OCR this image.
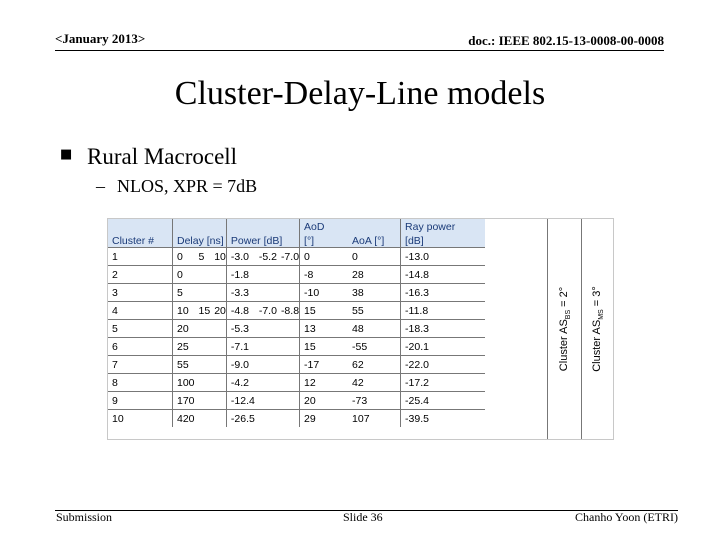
<January 2013>	doc.: IEEE 802.15-13-0008-00-0008
Cluster-Delay-Line models
■ Rural Macrocell
– NLOS, XPR = 7dB
Cluster #	Delay [ns]			Power [dB]			AoD	AoA [°]	Ray power
							[°]		[dB]
1	0	5	10	-3.0	-5.2	-7.0	0	0	-13.0
2	0			-1.8			-8	28	-14.8
3	5			-3.3			-10	38	-16.3
4	10	15	20	-4.8	-7.0	-8.8	15	55	-11.8
5	20			-5.3			13	48	-18.3
6	25			-7.1			15	-55	-20.1
7	55			-9.0			-17	62	-22.0
8	100			-4.2			12	42	-17.2
9	170			-12.4			20	-73	-25.4
10	420			-26.5			29	107	-39.5
Cluster $AS_{BS} = 2^\circ$
Cluster $AS_{MS} = 3^\circ$
Submission	Slide 36	Chanho Yoon (ETRI)
